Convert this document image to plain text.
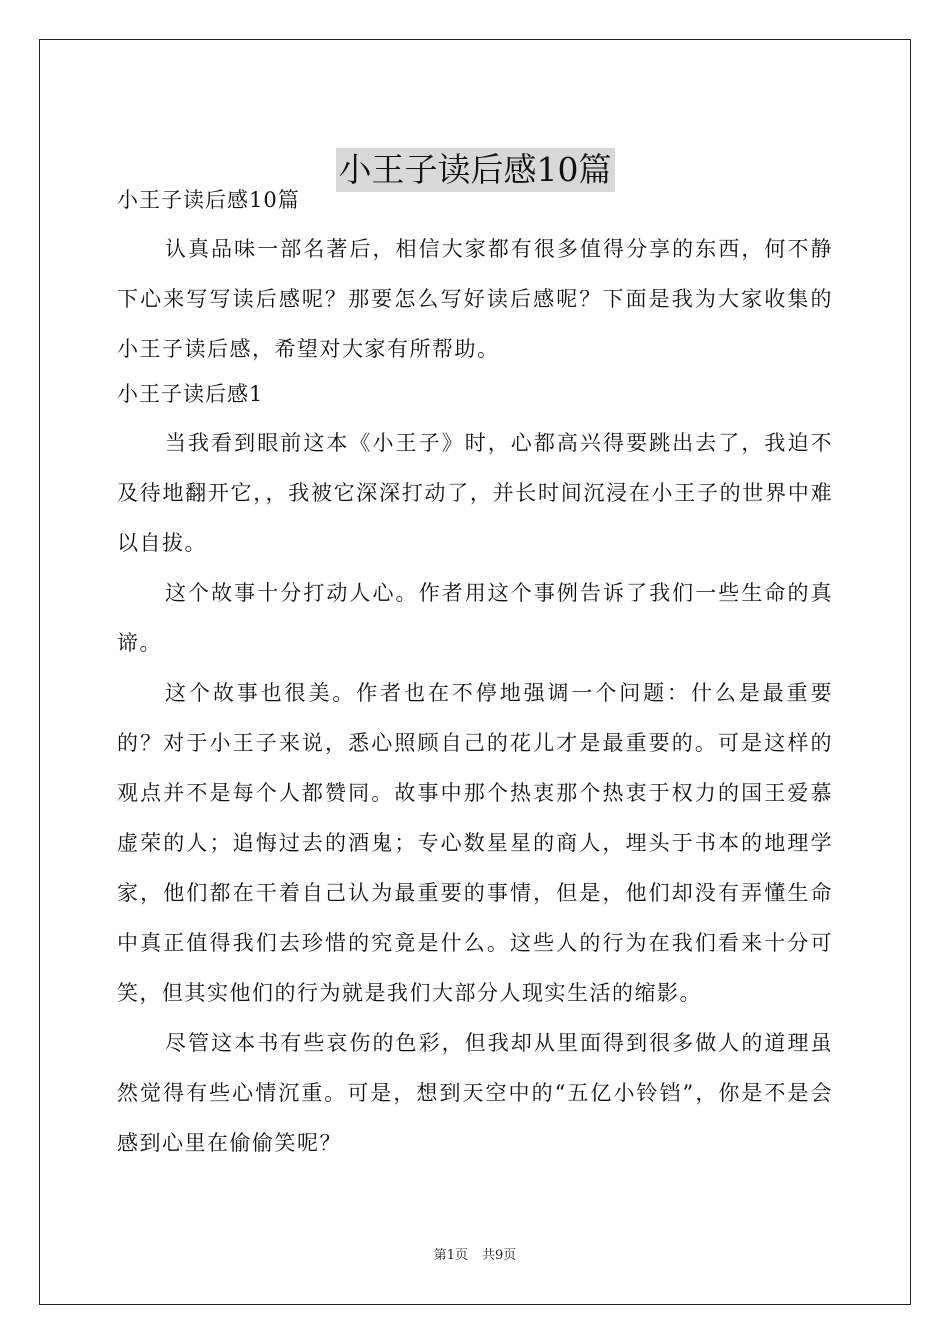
小王子读后感10篇
小王子读后感10篇

认真品味一部名著后，相信大家都有很多值得分享的东西，何不静下心来写写读后感呢？那要怎么写好读后感呢？下面是我为大家收集的小王子读后感，希望对大家有所帮助。

小王子读后感1

当我看到眼前这本《小王子》时，心都高兴得要跳出去了，我迫不及待地翻开它，，我被它深深打动了，并长时间沉浸在小王子的世界中难以自拔。

这个故事十分打动人心。作者用这个事例告诉了我们一些生命的真谛。

这个故事也很美。作者也在不停地强调一个问题：什么是最重要的？对于小王子来说，悉心照顾自己的花儿才是最重要的。可是这样的观点并不是每个人都赞同。故事中那个热衷那个热衷于权力的国王爱慕虚荣的人；追悔过去的酒鬼；专心数星星的商人，埋头于书本的地理学家，他们都在干着自己认为最重要的事情，但是，他们却没有弄懂生命中真正值得我们去珍惜的究竟是什么。这些人的行为在我们看来十分可笑，但其实他们的行为就是我们大部分人现实生活的缩影。

尽管这本书有些哀伤的色彩，但我却从里面得到很多做人的道理虽然觉得有些心情沉重。可是，想到天空中的“五亿小铃铛”，你是不是会感到心里在偷偷笑呢？

第1页 共9页
